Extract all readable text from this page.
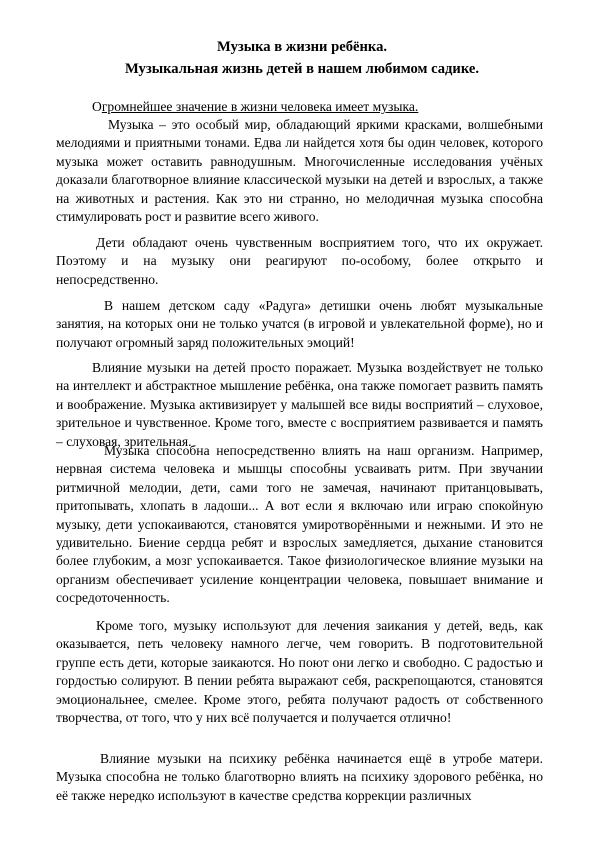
Музыка в жизни ребёнка.
Музыкальная жизнь детей в нашем любимом садике.

Огромнейшее значение в жизни человека имеет музыка.

Музыка – это особый мир, обладающий яркими красками, волшебными мелодиями и приятными тонами. Едва ли найдется хотя бы один человек, которого музыка может оставить равнодушным. Многочисленные исследования учёных доказали благотворное влияние классической музыки на детей и взрослых, а также на животных и растения. Как это ни странно, но мелодичная музыка способна стимулировать рост и развитие всего живого.

Дети обладают очень чувственным восприятием того, что их окружает. Поэтому и на музыку они реагируют по-особому, более открыто и непосредственно.

В нашем детском саду «Радуга» детишки очень любят музыкальные занятия, на которых они не только учатся (в игровой и увлекательной форме), но и получают огромный заряд положительных эмоций!

Влияние музыки на детей просто поражает. Музыка воздействует не только на интеллект и абстрактное мышление ребёнка, она также помогает развить память и воображение. Музыка активизирует у малышей все виды восприятий – слуховое, зрительное и чувственное. Кроме того, вместе с восприятием развивается и память – слуховая, зрительная.

Музыка способна непосредственно влиять на наш организм. Например, нервная система человека и мышцы способны усваивать ритм. При звучании ритмичной мелодии, дети, сами того не замечая, начинают пританцовывать, притопывать, хлопать в ладоши... А вот если я включаю или играю спокойную музыку, дети успокаиваются, становятся умиротворёнными и нежными. И это не удивительно. Биение сердца ребят и взрослых замедляется, дыхание становится более глубоким, а мозг успокаивается. Такое физиологическое влияние музыки на организм обеспечивает усиление концентрации человека, повышает внимание и сосредоточенность.

Кроме того, музыку используют для лечения заикания у детей, ведь, как оказывается, петь человеку намного легче, чем говорить. В подготовительной группе есть дети, которые заикаются. Но поют они легко и свободно. С радостью и гордостью солируют. В пении ребята выражают себя, раскрепощаются, становятся эмоциональнее, смелее. Кроме этого, ребята получают радость от собственного творчества, от того, что у них всё получается и получается отлично!

Влияние музыки на психику ребёнка начинается ещё в утробе матери. Музыка способна не только благотворно влиять на психику здорового ребёнка, но её также нередко используют в качестве средства коррекции различных
